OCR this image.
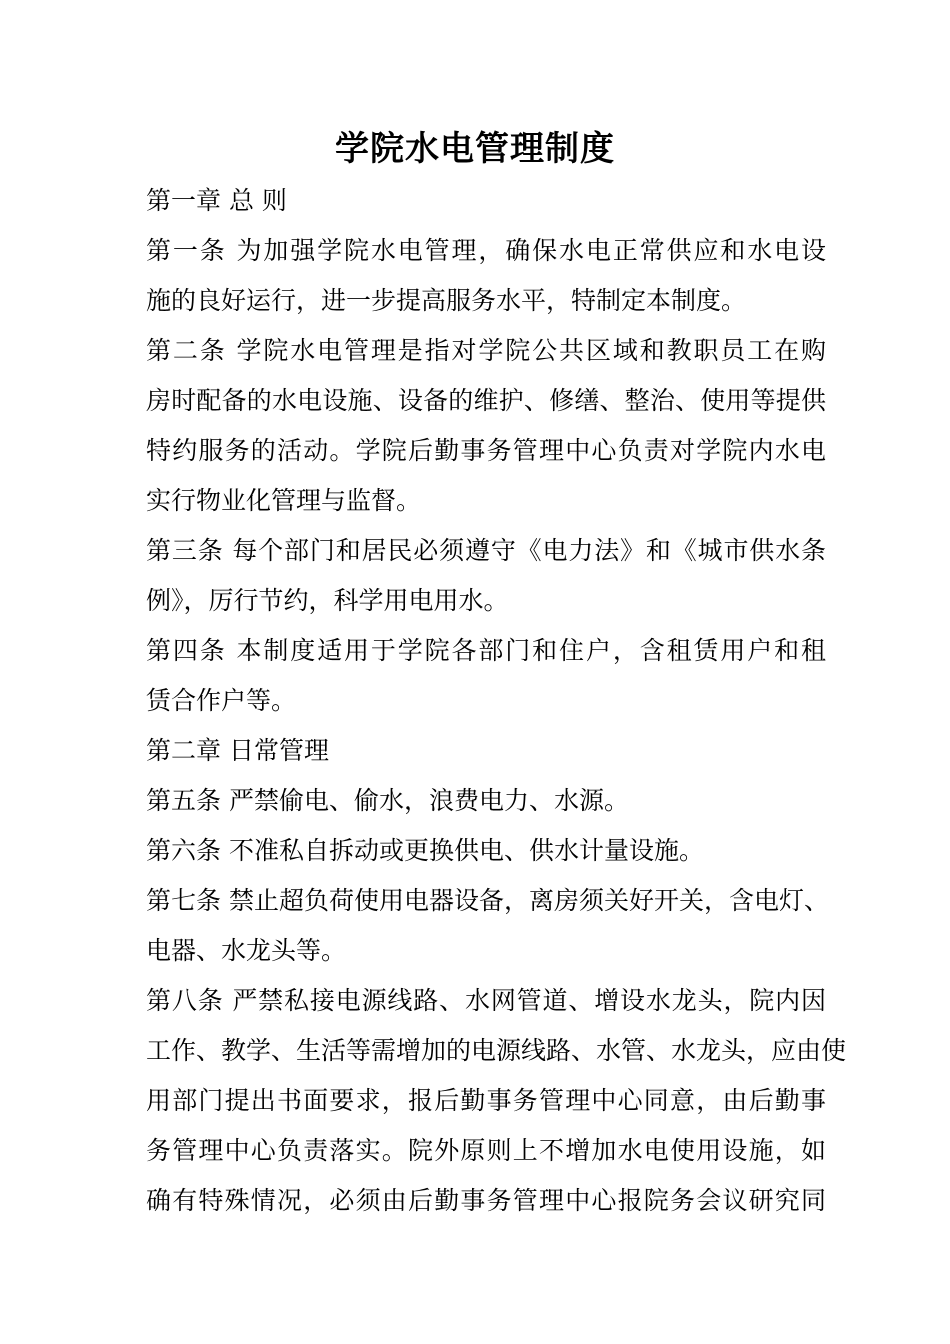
学院水电管理制度
第一章 总 则
第一条 为加强学院水电管理，确保水电正常供应和水电设
施的良好运行，进一步提高服务水平，特制定本制度。
第二条 学院水电管理是指对学院公共区域和教职员工在购
房时配备的水电设施、设备的维护、修缮、整治、使用等提供
特约服务的活动。学院后勤事务管理中心负责对学院内水电
实行物业化管理与监督。
第三条 每个部门和居民必须遵守《电力法》和《城市供水条
例》，厉行节约，科学用电用水。
第四条 本制度适用于学院各部门和住户，含租赁用户和租
赁合作户等。
第二章 日常管理
第五条 严禁偷电、偷水，浪费电力、水源。
第六条 不准私自拆动或更换供电、供水计量设施。
第七条 禁止超负荷使用电器设备，离房须关好开关，含电灯、
电器、水龙头等。
第八条 严禁私接电源线路、水网管道、增设水龙头，院内因
工作、教学、生活等需增加的电源线路、水管、水龙头，应由使
用部门提出书面要求，报后勤事务管理中心同意，由后勤事
务管理中心负责落实。院外原则上不增加水电使用设施，如
确有特殊情况，必须由后勤事务管理中心报院务会议研究同
